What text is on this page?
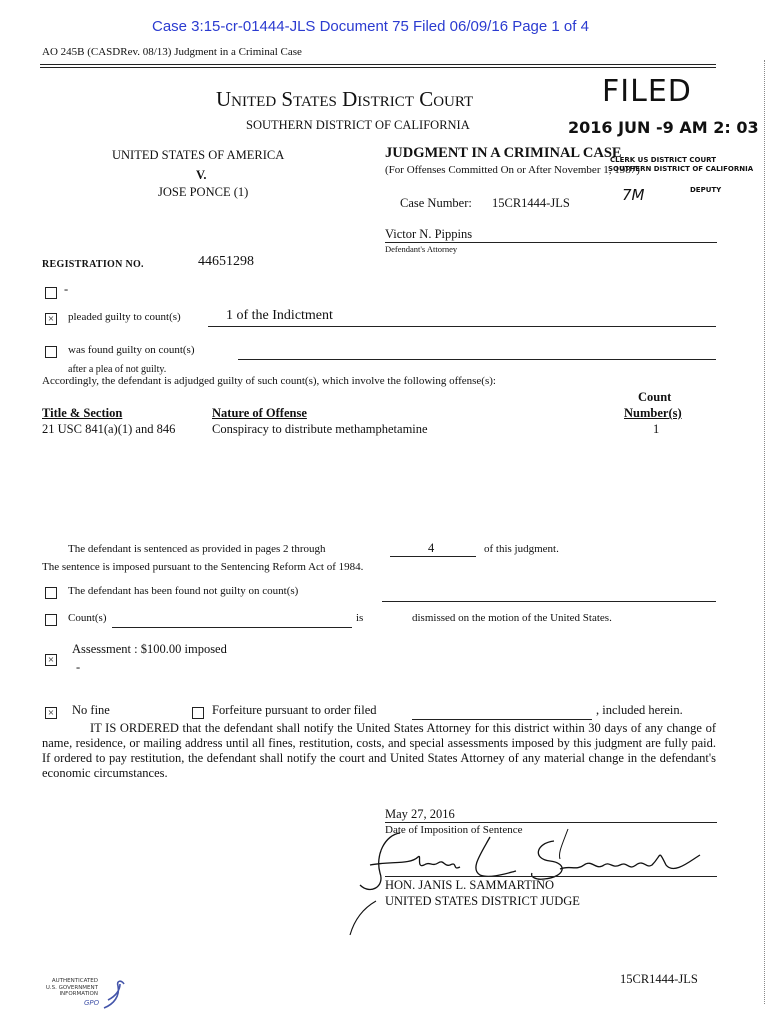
Case 3:15-cr-01444-JLS Document 75 Filed 06/09/16 Page 1 of 4
AO 245B (CASDRev. 08/13) Judgment in a Criminal Case
FILED
2016 JUN -9 AM 2: 03
CLERK US DISTRICT COURT
SOUTHERN DISTRICT OF CALIFORNIA
7M	DEPUTY
United States District Court
SOUTHERN DISTRICT OF CALIFORNIA
UNITED STATES OF AMERICA
V.
JOSE PONCE (1)
JUDGMENT IN A CRIMINAL CASE
(For Offenses Committed On or After November 1, 1987)
Case Number: 15CR1444-JLS
Victor N. Pippins
Defendant's Attorney
REGISTRATION NO.	44651298
-
× pleaded guilty to count(s)	1 of the Indictment
was found guilty on count(s)
after a plea of not guilty.
Accordingly, the defendant is adjudged guilty of such count(s), which involve the following offense(s):
Title & Section	Nature of Offense
Count
Number(s)
21 USC 841(a)(1) and 846	Conspiracy to distribute methamphetamine	1
The defendant is sentenced as provided in pages 2 through	4	of this judgment.
The sentence is imposed pursuant to the Sentencing Reform Act of 1984.
The defendant has been found not guilty on count(s)
Count(s)	is	dismissed on the motion of the United States.
×
Assessment : $100.00 imposed
-
× No fine	Forfeiture pursuant to order filed	, included herein.
IT IS ORDERED that the defendant shall notify the United States Attorney for this district within 30 days of any change of name, residence, or mailing address until all fines, restitution, costs, and special assessments imposed by this judgment are fully paid. If ordered to pay restitution, the defendant shall notify the court and United States Attorney of any material change in the defendant's economic circumstances.
May 27, 2016
Date of Imposition of Sentence
HON. JANIS L. SAMMARTINO
UNITED STATES DISTRICT JUDGE
AUTHENTICATED
U.S. GOVERNMENT
INFORMATION
GPO
15CR1444-JLS
